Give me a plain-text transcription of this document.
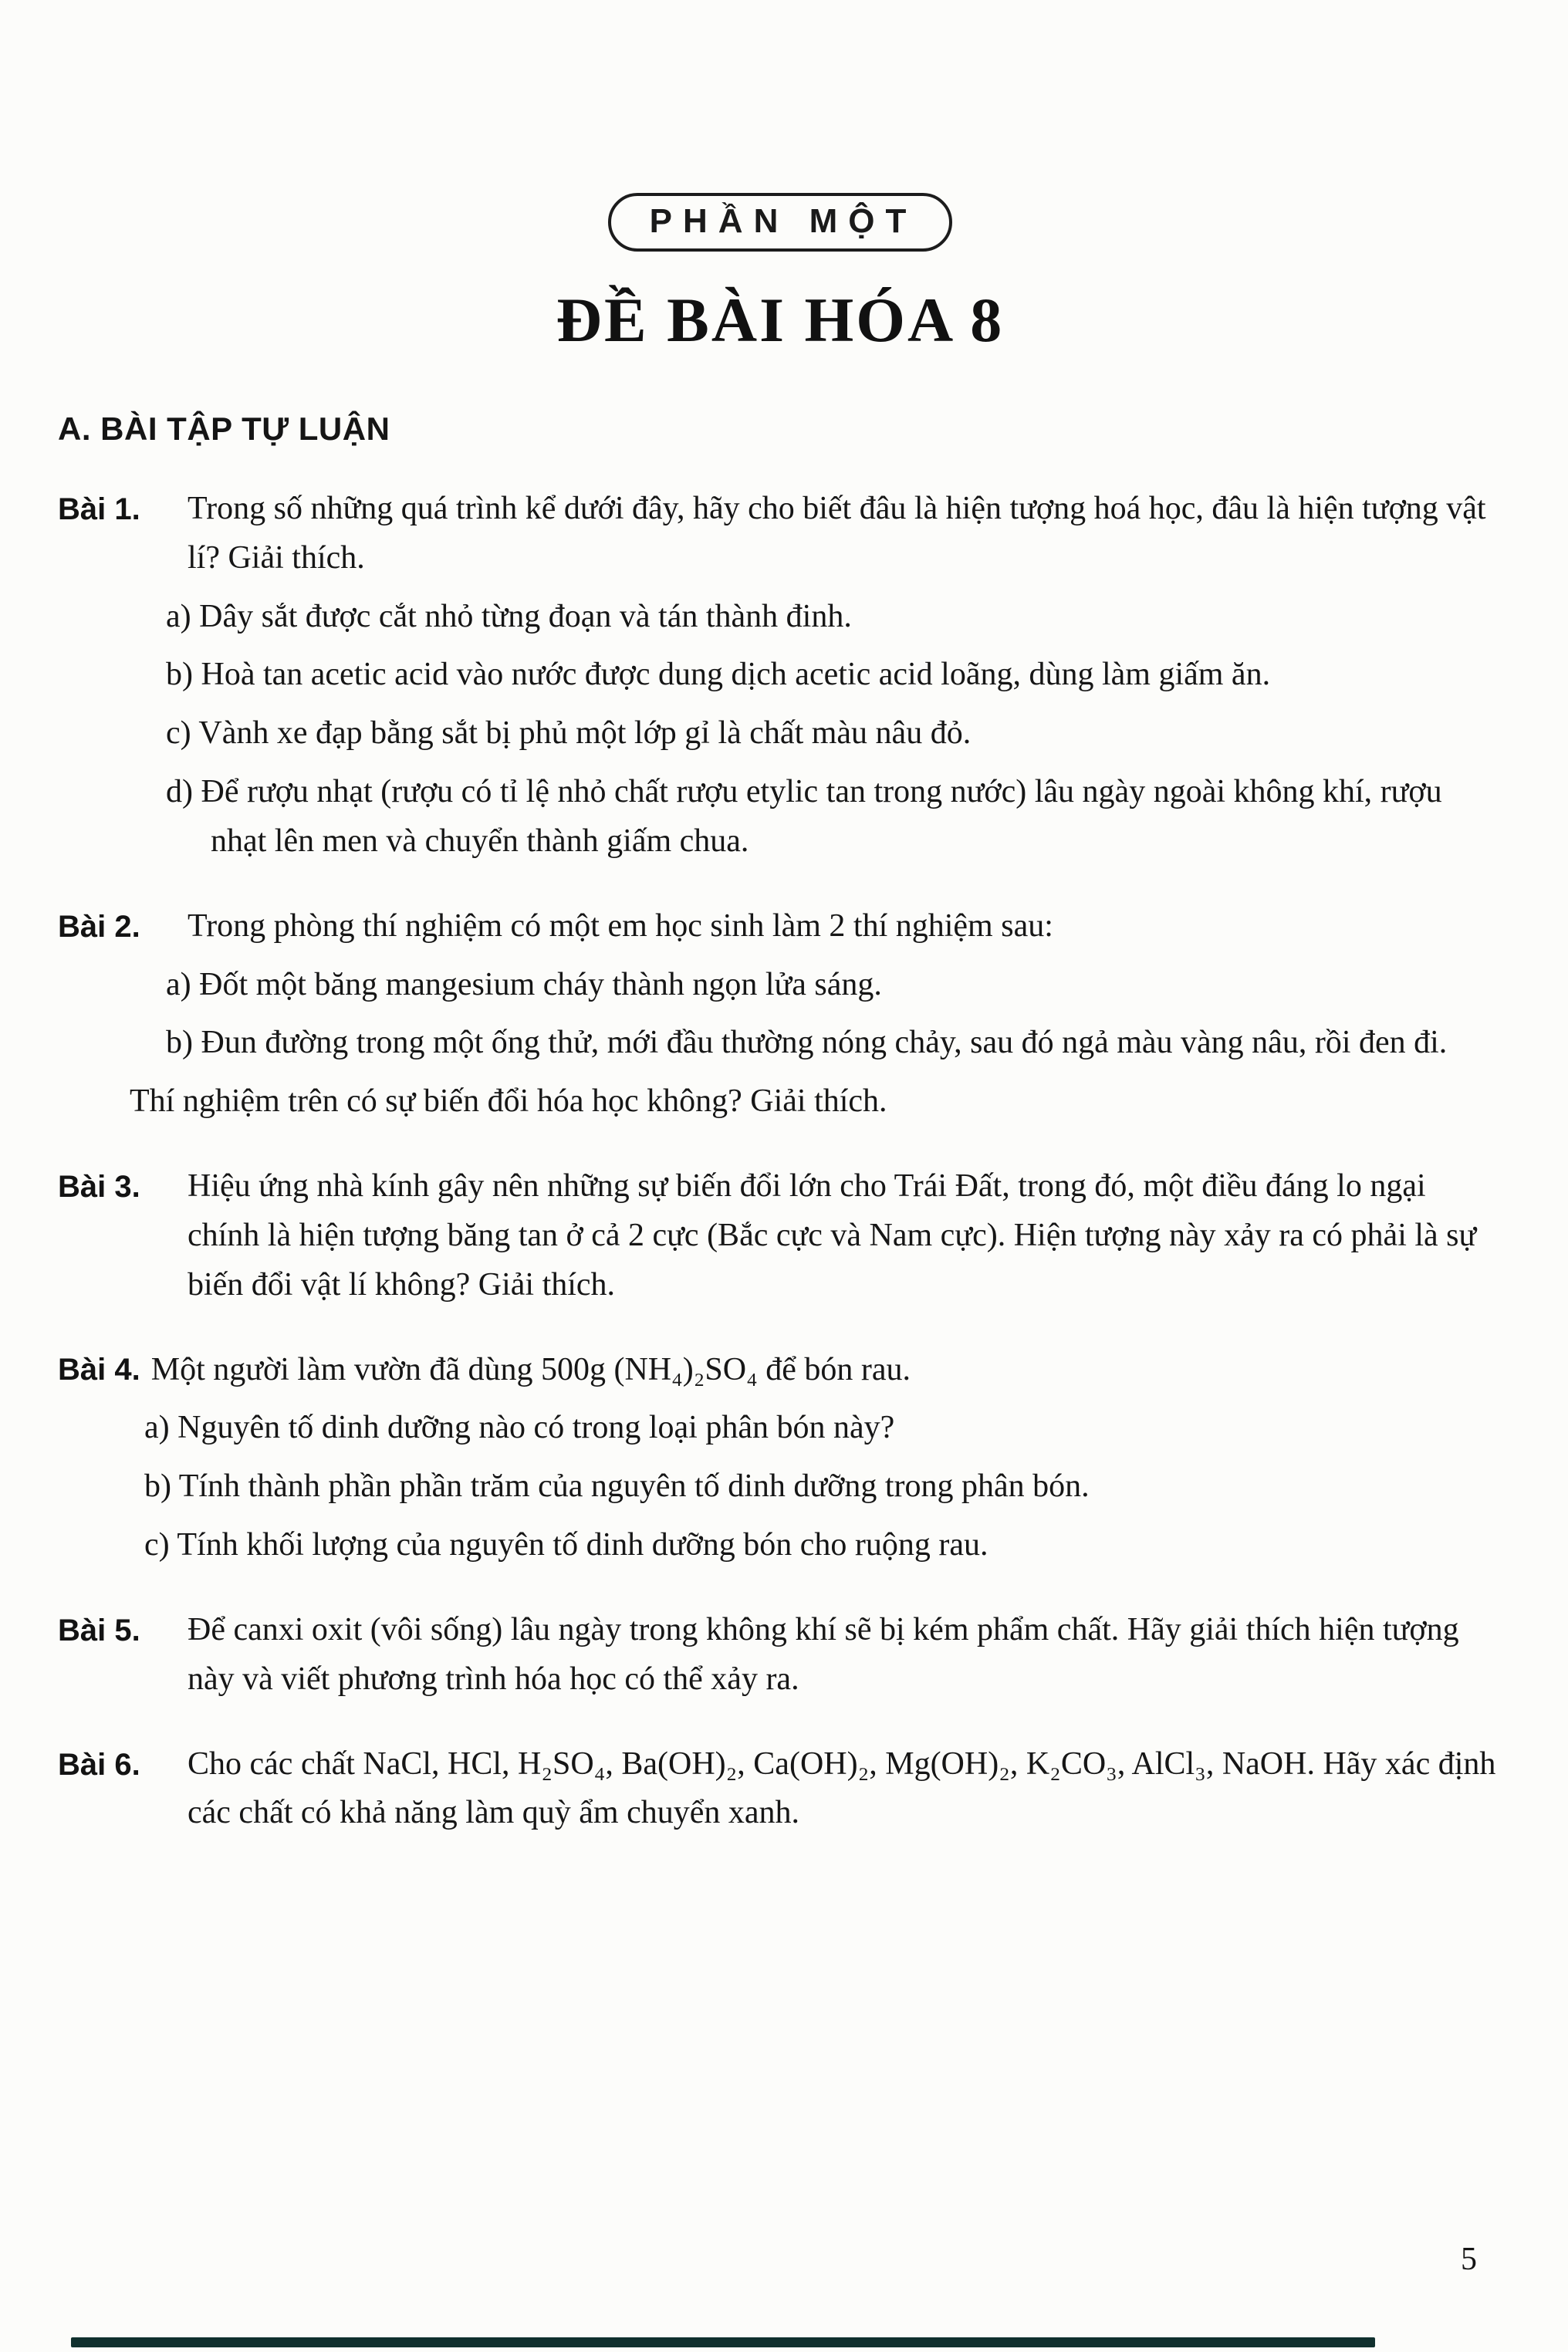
PHẦN MỘT
ĐỀ BÀI HÓA 8
A. BÀI TẬP TỰ LUẬN
Bài 1.	Trong số những quá trình kể dưới đây, hãy cho biết đâu là hiện tượng hoá học, đâu là hiện tượng vật lí? Giải thích.

a) Dây sắt được cắt nhỏ từng đoạn và tán thành đinh.

b) Hoà tan acetic acid vào nước được dung dịch acetic acid loãng, dùng làm giấm ăn.

c) Vành xe đạp bằng sắt bị phủ một lớp gỉ là chất màu nâu đỏ.

d) Để rượu nhạt (rượu có tỉ lệ nhỏ chất rượu etylic tan trong nước) lâu ngày ngoài không khí, rượu nhạt lên men và chuyển thành giấm chua.

Bài 2.	Trong phòng thí nghiệm có một em học sinh làm 2 thí nghiệm sau:

a) Đốt một băng mangesium cháy thành ngọn lửa sáng.

b) Đun đường trong một ống thử, mới đầu thường nóng chảy, sau đó ngả màu vàng nâu, rồi đen đi.

Thí nghiệm trên có sự biến đổi hóa học không? Giải thích.

Bài 3.	Hiệu ứng nhà kính gây nên những sự biến đổi lớn cho Trái Đất, trong đó, một điều đáng lo ngại chính là hiện tượng băng tan ở cả 2 cực (Bắc cực và Nam cực). Hiện tượng này xảy ra có phải là sự biến đổi vật lí không? Giải thích.

Bài 4. Một người làm vườn đã dùng 500g (NH₄)₂SO₄ để bón rau.

a) Nguyên tố dinh dưỡng nào có trong loại phân bón này?

b) Tính thành phần phần trăm của nguyên tố dinh dưỡng trong phân bón.

c) Tính khối lượng của nguyên tố dinh dưỡng bón cho ruộng rau.

Bài 5.	Để canxi oxit (vôi sống) lâu ngày trong không khí sẽ bị kém phẩm chất. Hãy giải thích hiện tượng này và viết phương trình hóa học có thể xảy ra.

Bài 6.	Cho các chất NaCl, HCl, H₂SO₄, Ba(OH)₂, Ca(OH)₂, Mg(OH)₂, K₂CO₃, AlCl₃, NaOH. Hãy xác định các chất có khả năng làm quỳ ẩm chuyển xanh.

5
